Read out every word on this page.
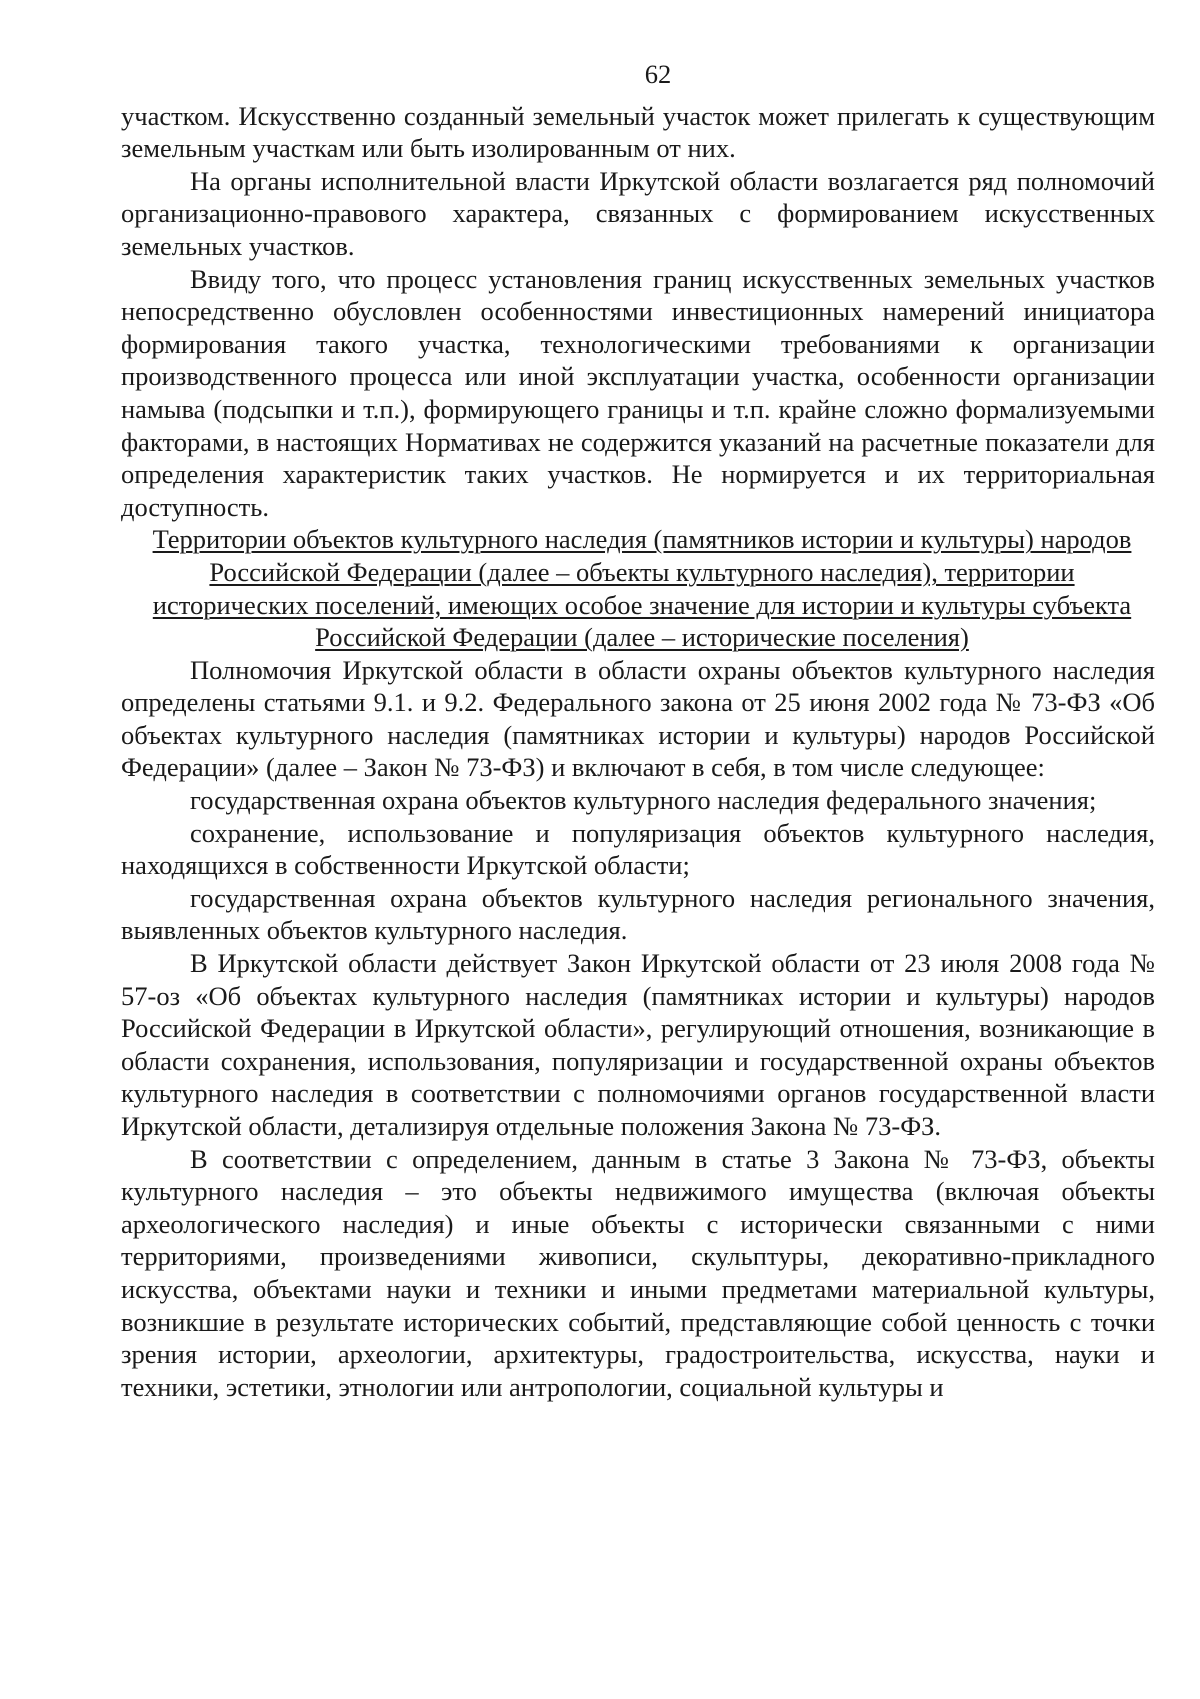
62

участком. Искусственно созданный земельный участок может прилегать к существующим земельным участкам или быть изолированным от них.

На органы исполнительной власти Иркутской области возлагается ряд полномочий организационно-правового характера, связанных с формированием искусственных земельных участков.

Ввиду того, что процесс установления границ искусственных земельных участков непосредственно обусловлен особенностями инвестиционных намерений инициатора формирования такого участка, технологическими требованиями к организации производственного процесса или иной эксплуатации участка, особенности организации намыва (подсыпки и т.п.), формирующего границы и т.п. крайне сложно формализуемыми факторами, в настоящих Нормативах не содержится указаний на расчетные показатели для определения характеристик таких участков. Не нормируется и их территориальная доступность.

Территории объектов культурного наследия (памятников истории и культуры) народов Российской Федерации (далее – объекты культурного наследия), территории исторических поселений, имеющих особое значение для истории и культуры субъекта Российской Федерации (далее – исторические поселения)

Полномочия Иркутской области в области охраны объектов культурного наследия определены статьями 9.1. и 9.2. Федерального закона от 25 июня 2002 года № 73-ФЗ «Об объектах культурного наследия (памятниках истории и культуры) народов Российской Федерации» (далее – Закон № 73-ФЗ) и включают в себя, в том числе следующее:

государственная охрана объектов культурного наследия федерального значения;

сохранение, использование и популяризация объектов культурного наследия, находящихся в собственности Иркутской области;

государственная охрана объектов культурного наследия регионального значения, выявленных объектов культурного наследия.

В Иркутской области действует Закон Иркутской области от 23 июля 2008 года № 57-оз «Об объектах культурного наследия (памятниках истории и культуры) народов Российской Федерации в Иркутской области», регулирующий отношения, возникающие в области сохранения, использования, популяризации и государственной охраны объектов культурного наследия в соответствии с полномочиями органов государственной власти Иркутской области, детализируя отдельные положения Закона № 73-ФЗ.

В соответствии с определением, данным в статье 3 Закона № 73-ФЗ, объекты культурного наследия – это объекты недвижимого имущества (включая объекты археологического наследия) и иные объекты с исторически связанными с ними территориями, произведениями живописи, скульптуры, декоративно-прикладного искусства, объектами науки и техники и иными предметами материальной культуры, возникшие в результате исторических событий, представляющие собой ценность с точки зрения истории, археологии, архитектуры, градостроительства, искусства, науки и техники, эстетики, этнологии или антропологии, социальной культуры и
